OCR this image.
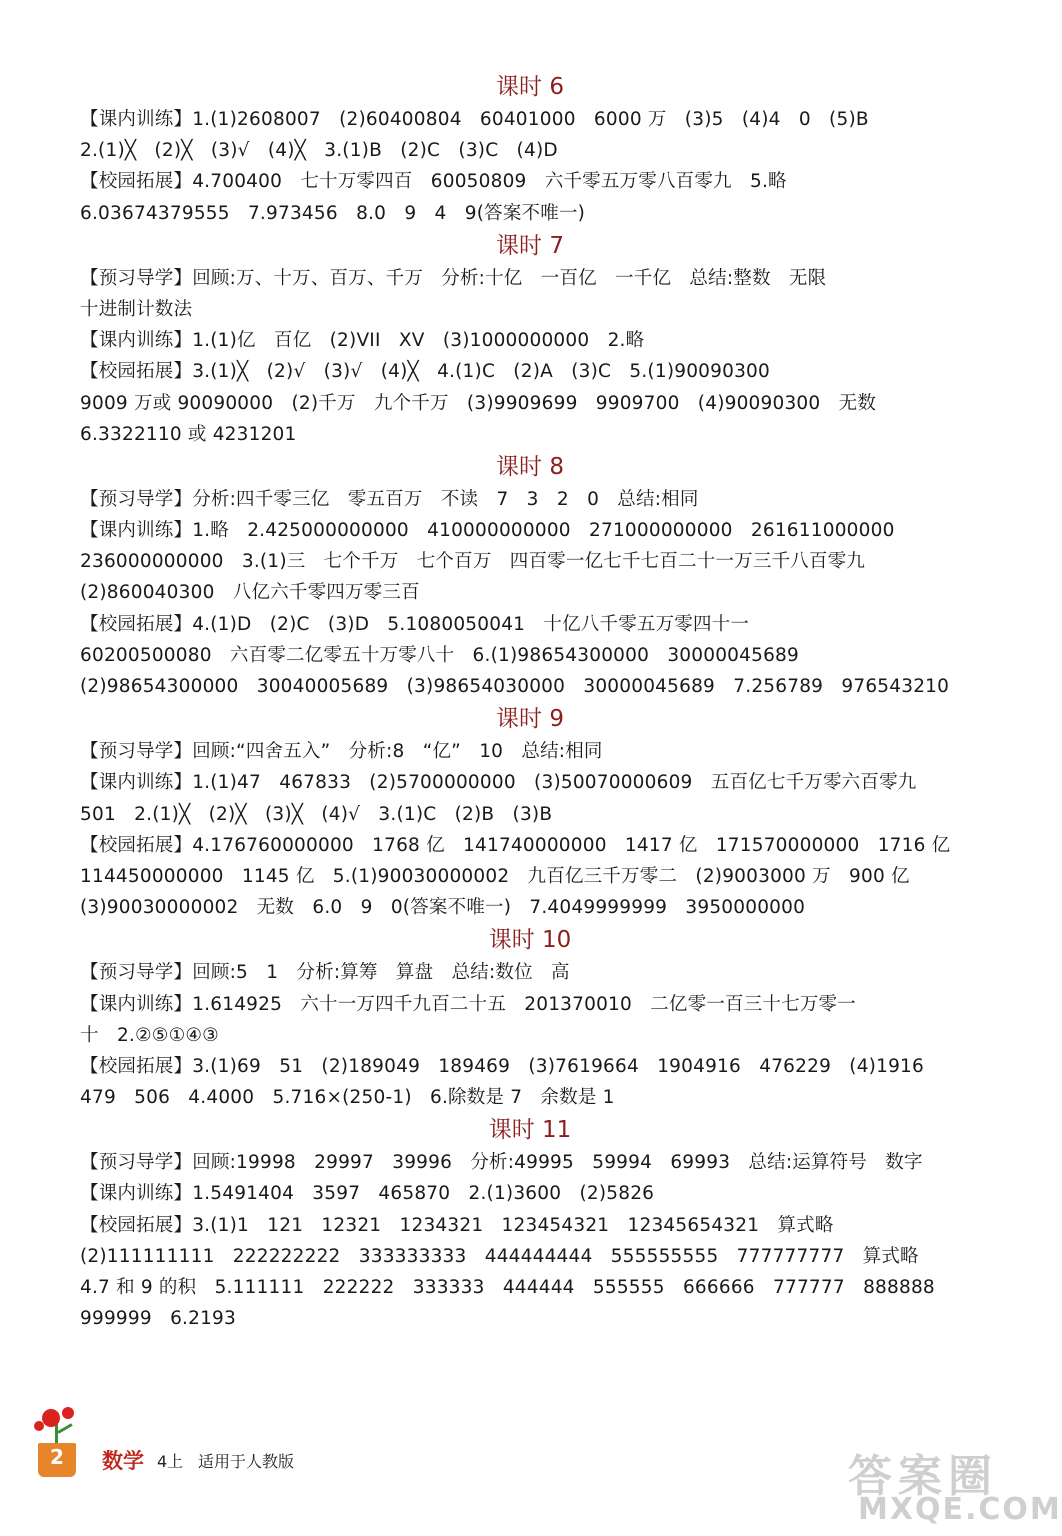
课时 6
【课内训练】1.(1)2608007   (2)60400804   60401000   6000 万   (3)5   (4)4   0   (5)B
2.(1)╳   (2)╳   (3)√   (4)╳   3.(1)B   (2)C   (3)C   (4)D
【校园拓展】4.700400   七十万零四百   60050809   六千零五万零八百零九   5.略
6.03674379555   7.973456   8.0   9   4   9(答案不唯一)
课时 7
【预习导学】回顾:万、十万、百万、千万   分析:十亿   一百亿   一千亿   总结:整数   无限
十进制计数法
【课内训练】1.(1)亿   百亿   (2)VII   XV   (3)1000000000   2.略
【校园拓展】3.(1)╳   (2)√   (3)√   (4)╳   4.(1)C   (2)A   (3)C   5.(1)90090300
9009 万或 90090000   (2)千万   九个千万   (3)9909699   9909700   (4)90090300   无数
6.3322110 或 4231201
课时 8
【预习导学】分析:四千零三亿   零五百万   不读   7   3   2   0   总结:相同
【课内训练】1.略   2.425000000000   410000000000   271000000000   261611000000
236000000000   3.(1)三   七个千万   七个百万   四百零一亿七千七百二十一万三千八百零九
(2)860040300   八亿六千零四万零三百
【校园拓展】4.(1)D   (2)C   (3)D   5.1080050041   十亿八千零五万零四十一
60200500080   六百零二亿零五十万零八十   6.(1)98654300000   30000045689
(2)98654300000   30040005689   (3)98654030000   30000045689   7.256789   976543210
课时 9
【预习导学】回顾:“四舍五入”   分析:8   “亿”   10   总结:相同
【课内训练】1.(1)47   467833   (2)5700000000   (3)50070000609   五百亿七千万零六百零九
501   2.(1)╳   (2)╳   (3)╳   (4)√   3.(1)C   (2)B   (3)B
【校园拓展】4.176760000000   1768 亿   141740000000   1417 亿   171570000000   1716 亿
114450000000   1145 亿   5.(1)90030000002   九百亿三千万零二   (2)9003000 万   900 亿
(3)90030000002   无数   6.0   9   0(答案不唯一)   7.4049999999   3950000000
课时 10
【预习导学】回顾:5   1   分析:算筹   算盘   总结:数位   高
【课内训练】1.614925   六十一万四千九百二十五   201370010   二亿零一百三十七万零一
十   2.②⑤①④③
【校园拓展】3.(1)69   51   (2)189049   189469   (3)7619664   1904916   476229   (4)1916
479   506   4.4000   5.716×(250-1)   6.除数是 7   余数是 1
课时 11
【预习导学】回顾:19998   29997   39996   分析:49995   59994   69993   总结:运算符号   数字
【课内训练】1.5491404   3597   465870   2.(1)3600   (2)5826
【校园拓展】3.(1)1   121   12321   1234321   123454321   12345654321   算式略
(2)111111111   222222222   333333333   444444444   555555555   777777777   算式略
4.7 和 9 的积   5.111111   222222   333333   444444   555555   666666   777777   888888
999999   6.2193
2	数学 4上 适用于人教版	答案圈
MXQE.COM
